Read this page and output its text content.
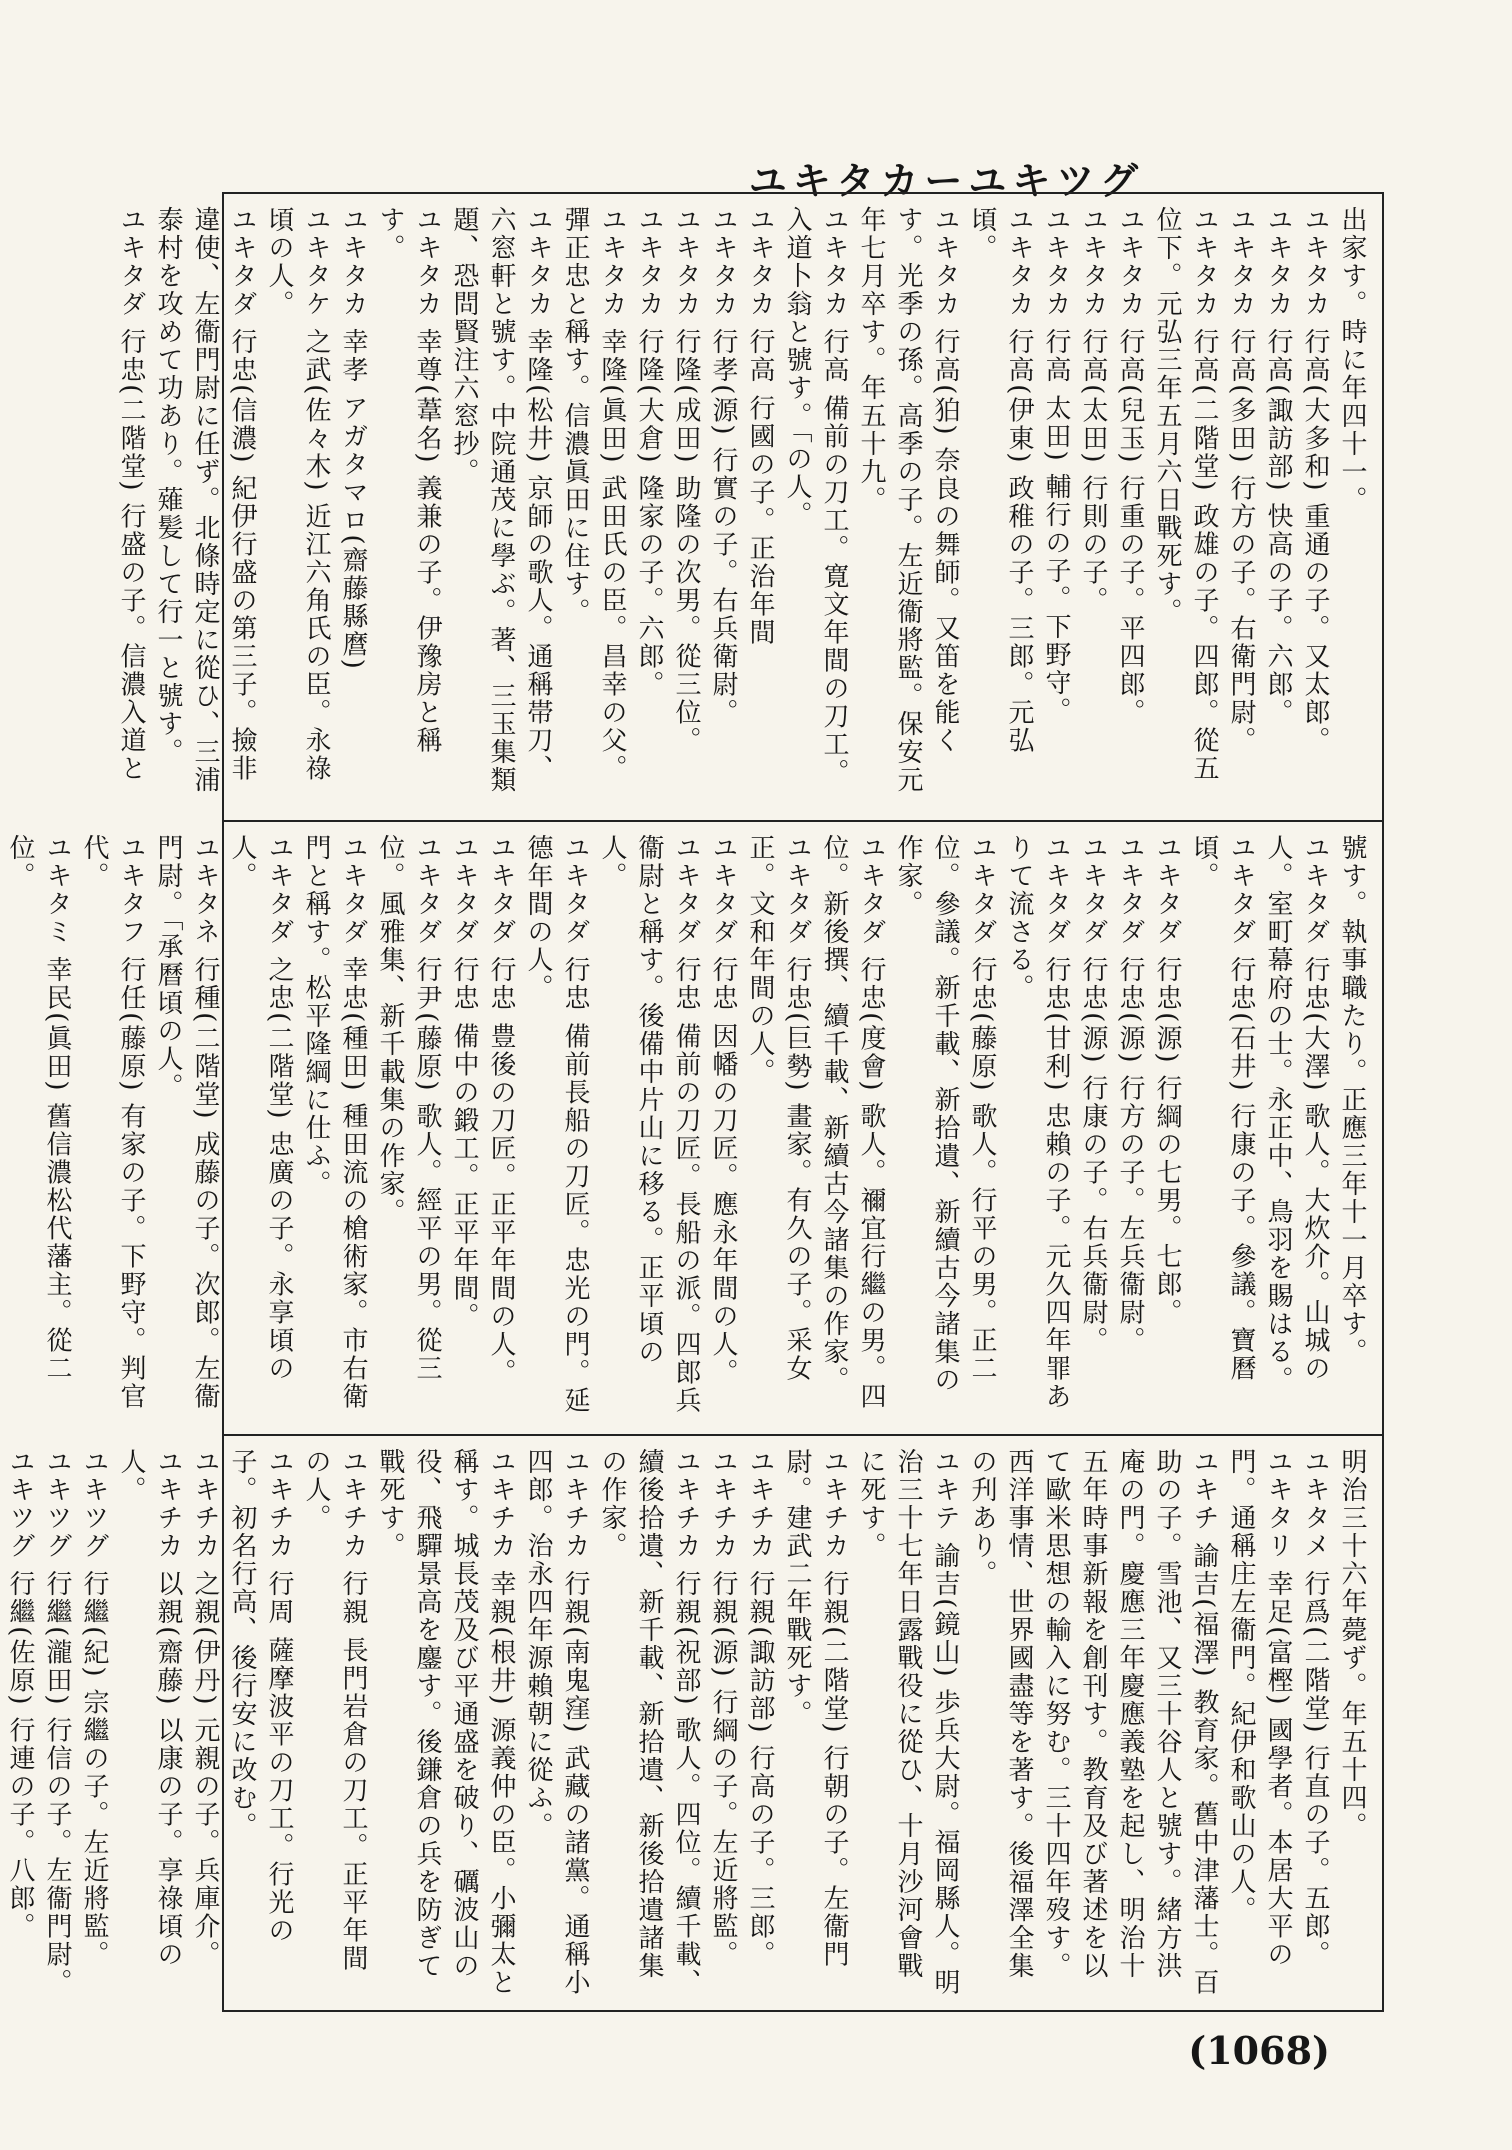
ユキタカーユキツグ
出家す。時に年四十一。
ユキタカ 行高(大多和) 重通の子。又太郎。
ユキタカ 行高(諏訪部) 快高の子。六郎。
ユキタカ 行高(多田) 行方の子。右衛門尉。
ユキタカ 行高(二階堂) 政雄の子。四郎。從五位下。元弘三年五月六日戰死す。
ユキタカ 行高(兒玉) 行重の子。平四郎。
ユキタカ 行高(太田) 行則の子。
ユキタカ 行高 太田) 輔行の子。下野守。
ユキタカ 行高(伊東) 政稚の子。三郎。元弘頃。
ユキタカ 行高(狛) 奈良の舞師。又笛を能くす。光季の孫。高季の子。左近衞將監。保安元年七月卒す。年五十九。
ユキタカ 行高 備前の刀工。寛文年間の刀工。入道卜翁と號す。「の人。
ユキタカ 行高 行國の子。正治年間
ユキタカ 行孝(源) 行實の子。右兵衛尉。
ユキタカ 行隆(成田) 助隆の次男。從三位。
ユキタカ 行隆(大倉) 隆家の子。六郎。
ユキタカ 幸隆(眞田) 武田氏の臣。昌幸の父。彈正忠と稱す。信濃眞田に住す。
ユキタカ 幸隆(松井) 京師の歌人。通稱帯刀、六窓軒と號す。中院通茂に學ぶ。著、三玉集類題、恐問賢注六窓抄。
ユキタカ 幸尊(葦名) 義兼の子。伊豫房と稱す。
ユキタカ 幸孝 アガタマロ(齋藤縣麿)
ユキタケ 之武(佐々木) 近江六角氏の臣。永祿頃の人。
ユキタダ 行忠(信濃) 紀伊行盛の第三子。撿非違使、左衞門尉に任ず。北條時定に從ひ、三浦泰村を攻めて功あり。薙髪して行一と號す。
ユキタダ 行忠(二階堂) 行盛の子。信濃入道と
號す。執事職たり。正應三年十一月卒す。
ユキタダ 行忠(大澤) 歌人。大炊介。山城の人。室町幕府の士。永正中、鳥羽を賜はる。
ユキタダ 行忠(石井) 行康の子。參議。寶曆頃。
ユキタダ 行忠(源) 行綱の七男。七郎。
ユキタダ 行忠(源) 行方の子。左兵衞尉。
ユキタダ 行忠(源) 行康の子。右兵衞尉。
ユキタダ 行忠(甘利) 忠賴の子。元久四年罪ありて流さる。
ユキタダ 行忠(藤原) 歌人。行平の男。正二位。參議。新千載、新拾遺、新續古今諸集の作家。
ユキタダ 行忠(度會) 歌人。禰宜行繼の男。四位。新後撰、續千載、新續古今諸集の作家。
ユキタダ 行忠(巨勢) 畫家。有久の子。采女正。文和年間の人。
ユキタダ 行忠 因幡の刀匠。應永年間の人。
ユキタダ 行忠 備前の刀匠。長船の派。四郎兵衞尉と稱す。後備中片山に移る。正平頃の人。
ユキタダ 行忠 備前長船の刀匠。忠光の門。延德年間の人。
ユキタダ 行忠 豊後の刀匠。正平年間の人。
ユキタダ 行忠 備中の鍛工。正平年間。
ユキタダ 行尹(藤原) 歌人。經平の男。從三位。風雅集、新千載集の作家。
ユキタダ 幸忠(種田) 種田流の槍術家。市右衛門と稱す。松平隆綱に仕ふ。
ユキタダ 之忠(二階堂) 忠廣の子。永享頃の人。
ユキタネ 行種(二階堂) 成藤の子。次郎。左衞門尉。「承曆頃の人。
ユキタフ 行任(藤原) 有家の子。下野守。判官代。
ユキタミ 幸民(眞田) 舊信濃松代藩主。從二位。
明治三十六年薨ず。年五十四。
ユキタメ 行爲(二階堂) 行直の子。五郎。
ユキタリ 幸足(富樫) 國學者。本居大平の門。通稱庄左衞門。紀伊和歌山の人。
ユキチ 諭吉(福澤) 教育家。舊中津藩士。百助の子。雪池、又三十谷人と號す。緒方洪庵の門。慶應三年慶應義塾を起し、明治十五年時事新報を創刊す。教育及び著述を以て歐米思想の輸入に努む。三十四年歿す。西洋事情、世界國盡等を著す。後福澤全集の刋あり。
ユキテ 諭吉(鏡山) 歩兵大尉。福岡縣人。明治三十七年日露戰役に從ひ、十月沙河會戰に死す。
ユキチカ 行親(二階堂) 行朝の子。左衞門尉。建武二年戰死す。
ユキチカ 行親(諏訪部) 行高の子。三郎。
ユキチカ 行親(源) 行綱の子。左近將監。
ユキチカ 行親(祝部) 歌人。四位。續千載、續後拾遺、新千載、新拾遺、新後拾遺諸集の作家。
ユキチカ 行親(南鬼窪) 武藏の諸黨。通稱小四郎。治永四年源賴朝に從ふ。
ユキチカ 幸親(根井) 源義仲の臣。小彌太と稱す。城長茂及び平通盛を破り、礪波山の役、飛驒景高を鏖す。後鎌倉の兵を防ぎて戰死す。
ユキチカ 行親 長門岩倉の刀工。正平年間の人。
ユキチカ 行周 薩摩波平の刀工。行光の子。初名行高、後行安に改む。
ユキチカ 之親(伊丹) 元親の子。兵庫介。
ユキチカ 以親(齋藤) 以康の子。享祿頃の人。
ユキツグ 行繼(紀) 宗繼の子。左近將監。
ユキツグ 行繼(瀧田) 行信の子。左衞門尉。
ユキツグ 行繼(佐原) 行連の子。八郎。
(1068)
